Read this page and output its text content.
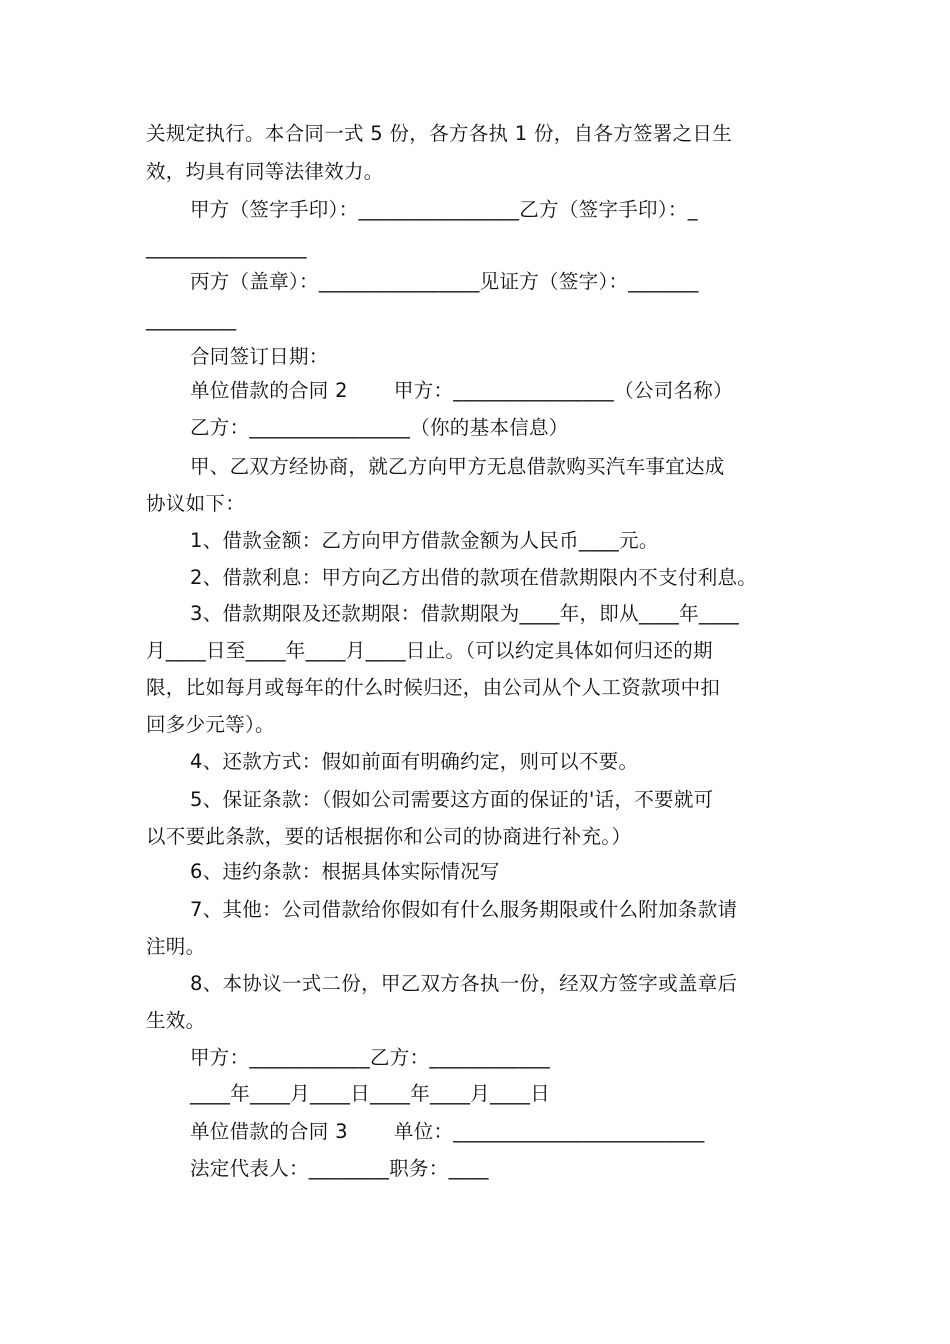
关规定执行。本合同一式 5 份，各方各执 1 份，自各方签署之日生
效，均具有同等法律效力。
甲方（签字手印）：________________乙方（签字手印）：_
________________
丙方（盖章）：________________见证方（签字）：_______
_________
合同签订日期：
单位借款的合同 2 　　甲方：________________（公司名称）
乙方：________________（你的基本信息）
甲、乙双方经协商，就乙方向甲方无息借款购买汽车事宜达成
协议如下：
1、借款金额：乙方向甲方借款金额为人民币____元。
2、借款利息：甲方向乙方出借的款项在借款期限内不支付利息。
3、借款期限及还款期限：借款期限为____年，即从____年____
月____日至____年____月____日止。（可以约定具体如何归还的期
限，比如每月或每年的什么时候归还，由公司从个人工资款项中扣
回多少元等）。
4、还款方式：假如前面有明确约定，则可以不要。
5、保证条款：（假如公司需要这方面的保证的'话，不要就可
以不要此条款，要的话根据你和公司的协商进行补充。）
6、违约条款：根据具体实际情况写
7、其他：公司借款给你假如有什么服务期限或什么附加条款请
注明。
8、本协议一式二份，甲乙双方各执一份，经双方签字或盖章后
生效。
甲方：____________乙方：____________
____年____月____日____年____月____日
单位借款的合同 3 　　单位：_________________________
法定代表人：________职务：____
